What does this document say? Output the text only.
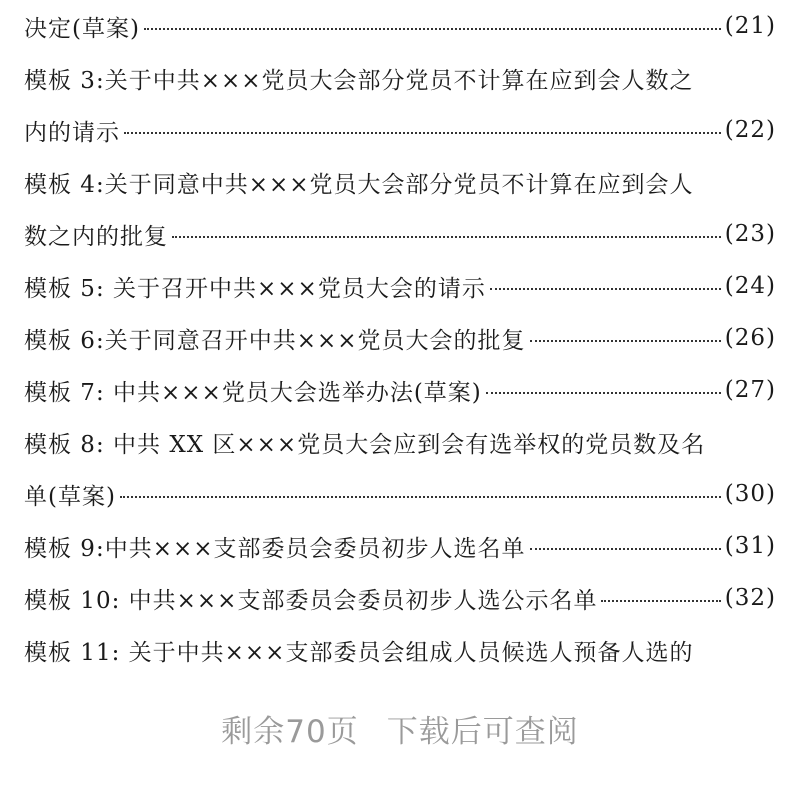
决定(草案)	(21)
模板 3:关于中共×××党员大会部分党员不计算在应到会人数之
内的请示	(22)
模板 4:关于同意中共×××党员大会部分党员不计算在应到会人
数之内的批复	(23)
模板 5: 关于召开中共×××党员大会的请示	(24)
模板 6:关于同意召开中共×××党员大会的批复	(26)
模板 7: 中共×××党员大会选举办法(草案)	(27)
模板 8: 中共 XX 区×××党员大会应到会有选举权的党员数及名
单(草案)	(30)
模板 9:中共×××支部委员会委员初步人选名单	(31)
模板 10: 中共×××支部委员会委员初步人选公示名单	(32)
模板 11: 关于中共×××支部委员会组成人员候选人预备人选的
剩余70页 下载后可查阅
